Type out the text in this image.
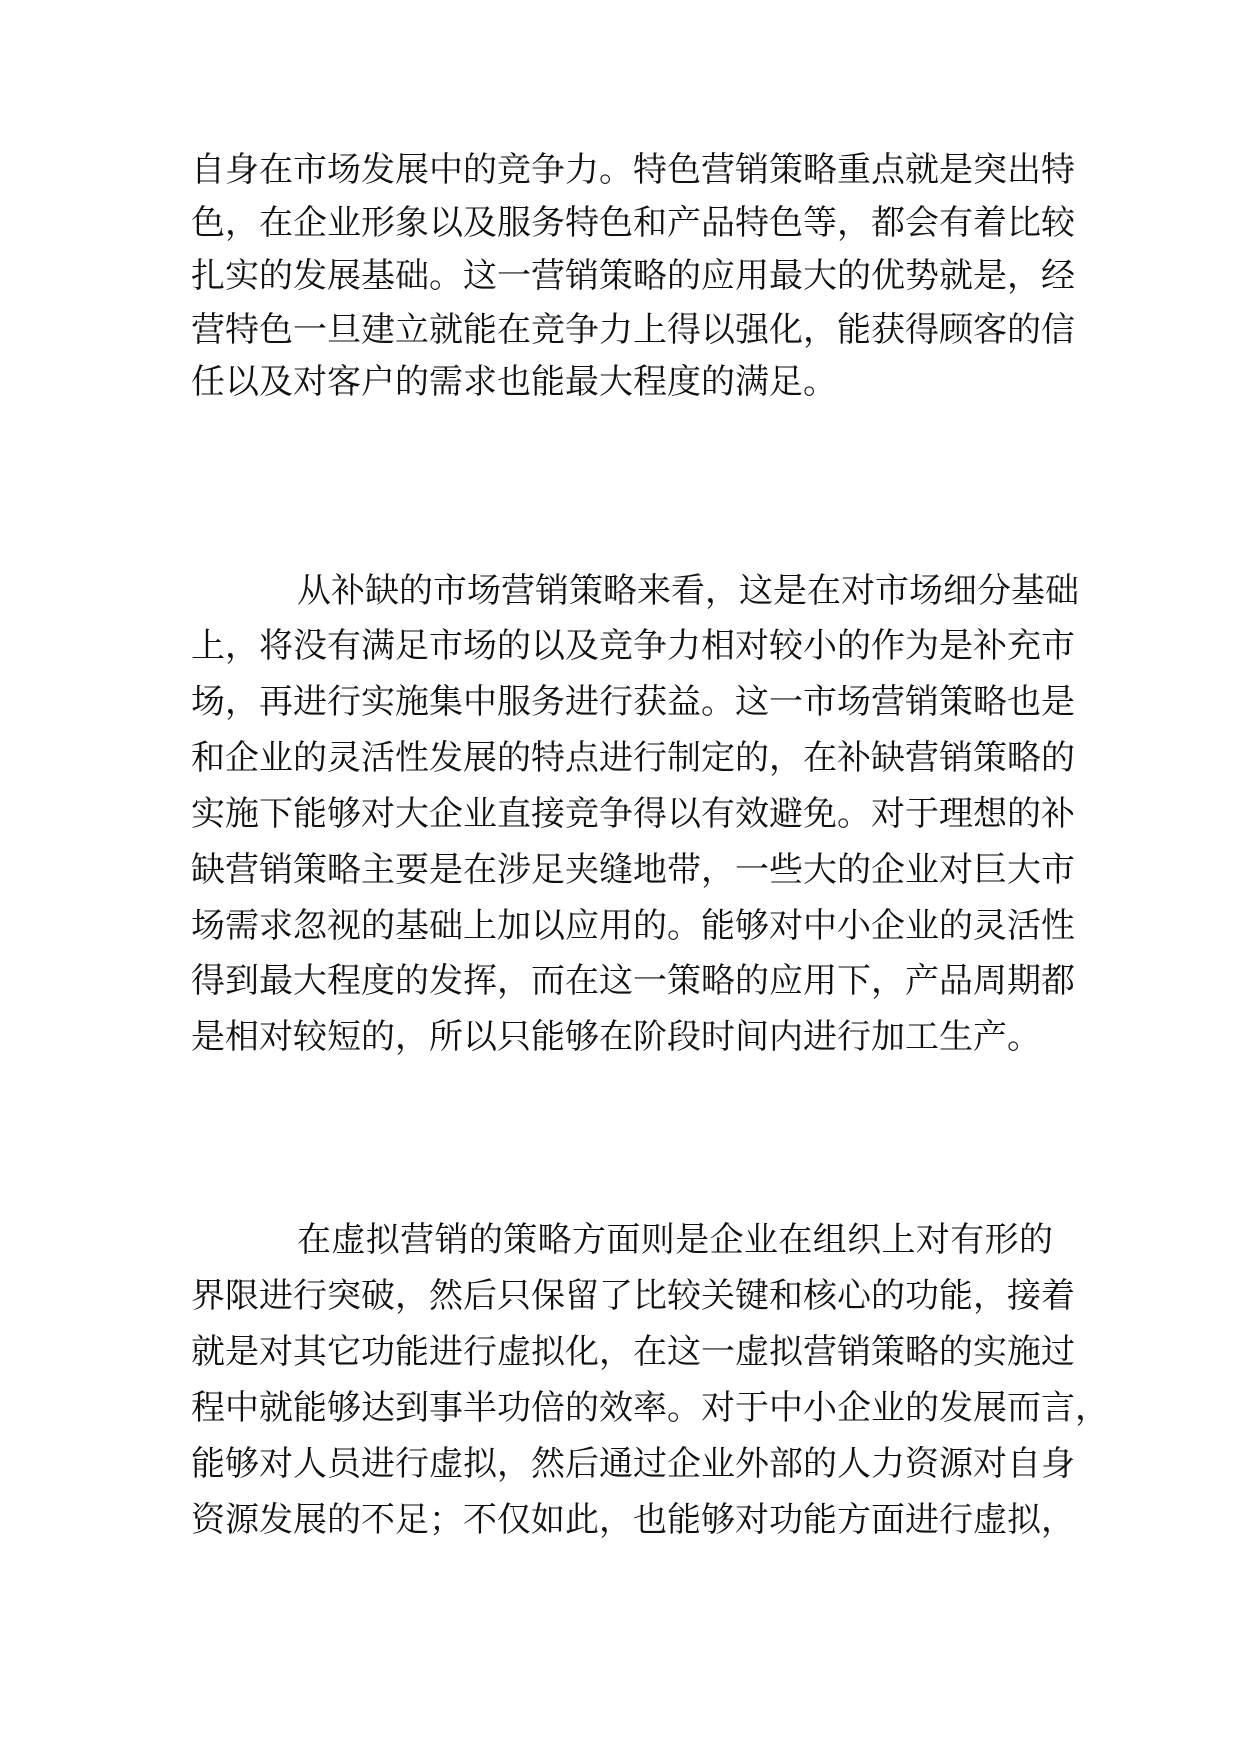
自身在市场发展中的竞争力。特色营销策略重点就是突出特

色，在企业形象以及服务特色和产品特色等，都会有着比较

扎实的发展基础。这一营销策略的应用最大的优势就是，经

营特色一旦建立就能在竞争力上得以强化，能获得顾客的信

任以及对客户的需求也能最大程度的满足。

从补缺的市场营销策略来看，这是在对市场细分基础

上，将没有满足市场的以及竞争力相对较小的作为是补充市

场，再进行实施集中服务进行获益。这一市场营销策略也是

和企业的灵活性发展的特点进行制定的，在补缺营销策略的

实施下能够对大企业直接竞争得以有效避免。对于理想的补

缺营销策略主要是在涉足夹缝地带，一些大的企业对巨大市

场需求忽视的基础上加以应用的。能够对中小企业的灵活性

得到最大程度的发挥，而在这一策略的应用下，产品周期都

是相对较短的，所以只能够在阶段时间内进行加工生产。

在虚拟营销的策略方面则是企业在组织上对有形的

界限进行突破，然后只保留了比较关键和核心的功能，接着

就是对其它功能进行虚拟化，在这一虚拟营销策略的实施过

程中就能够达到事半功倍的效率。对于中小企业的发展而言，

能够对人员进行虚拟，然后通过企业外部的人力资源对自身

资源发展的不足；不仅如此，也能够对功能方面进行虚拟，
